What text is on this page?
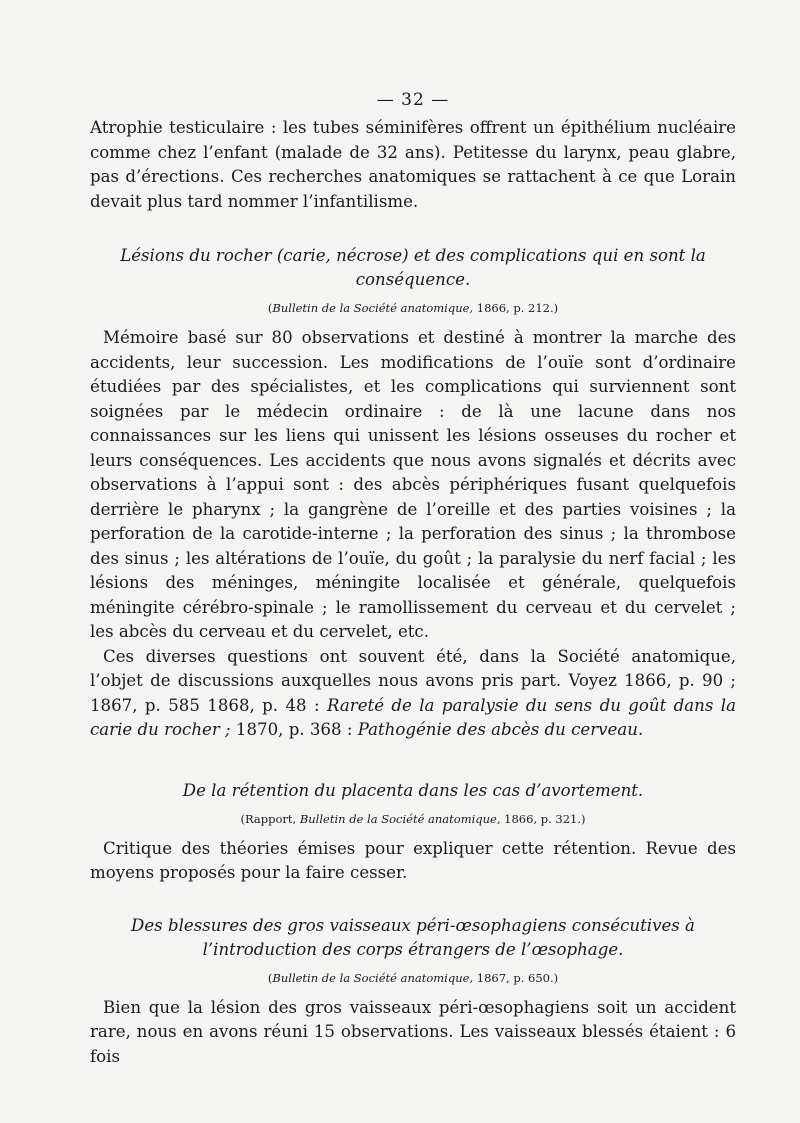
— 32 —

Atrophie testiculaire : les tubes séminifères offrent un épithélium nucléaire comme chez l’enfant (malade de 32 ans). Petitesse du larynx, peau glabre, pas d’érections. Ces recherches anatomiques se rattachent à ce que Lorain devait plus tard nommer l’infantilisme.

Lésions du rocher (carie, nécrose) et des complications qui en sont la conséquence.
(Bulletin de la Société anatomique, 1866, p. 212.)

Mémoire basé sur 80 observations et destiné à montrer la marche des accidents, leur succession. Les modifications de l’ouïe sont d’ordinaire étudiées par des spécialistes, et les complications qui surviennent sont soignées par le médecin ordinaire : de là une lacune dans nos connaissances sur les liens qui unissent les lésions osseuses du rocher et leurs conséquences. Les accidents que nous avons signalés et décrits avec observations à l’appui sont : des abcès périphériques fusant quelquefois derrière le pharynx ; la gangrène de l’oreille et des parties voisines ; la perforation de la carotide-interne ; la perforation des sinus ; la thrombose des sinus ; les altérations de l’ouïe, du goût ; la paralysie du nerf facial ; les lésions des méninges, méningite localisée et générale, quelquefois méningite cérébro-spinale ; le ramollissement du cerveau et du cervelet ; les abcès du cerveau et du cervelet, etc.

Ces diverses questions ont souvent été, dans la Société anatomique, l’objet de discussions auxquelles nous avons pris part. Voyez 1866, p. 90 ; 1867, p. 585 1868, p. 48 : Rareté de la paralysie du sens du goût dans la carie du rocher ; 1870, p. 368 : Pathogénie des abcès du cerveau.

De la rétention du placenta dans les cas d’avortement.
(Rapport, Bulletin de la Société anatomique, 1866, p. 321.)

Critique des théories émises pour expliquer cette rétention. Revue des moyens proposés pour la faire cesser.

Des blessures des gros vaisseaux péri-œsophagiens consécutives à l’introduction des corps étrangers de l’œsophage.
(Bulletin de la Société anatomique, 1867, p. 650.)

Bien que la lésion des gros vaisseaux péri-œsophagiens soit un accident rare, nous en avons réuni 15 observations. Les vaisseaux blessés étaient : 6 fois
